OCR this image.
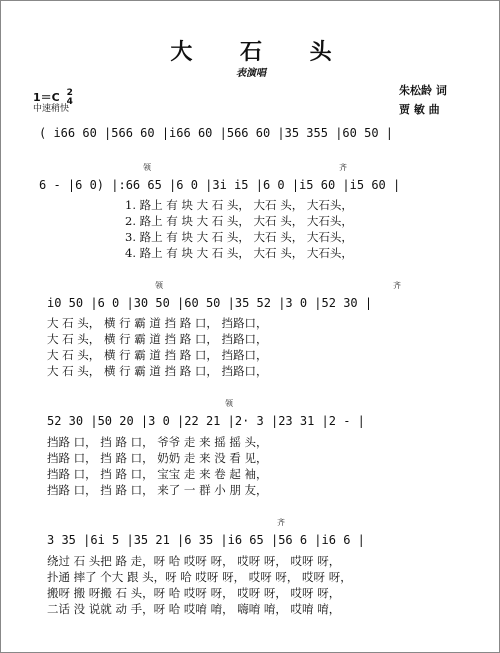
大 石 头
表演唱
1＝C 2
4
中速稍快
朱松龄 词
贾 敏 曲
( i66 60 |566 60 |i66 60 |566 60 |35 355 |60 50 |
领	齐
6 - |6 0) |:66 65 |6 0 |3i i5 |6 0 |i5 60 |i5 60 |
1. 路上 有 块 大 石 头， 大石 头， 大石头，
2. 路上 有 块 大 石 头， 大石 头， 大石头，
3. 路上 有 块 大 石 头， 大石 头， 大石头，
4. 路上 有 块 大 石 头， 大石 头， 大石头，
领	齐
i0 50 |6 0 |30 50 |60 50 |35 52 |3 0 |52 30 |
大 石 头， 横 行 霸 道 挡 路 口， 挡路口，
大 石 头， 横 行 霸 道 挡 路 口， 挡路口，
大 石 头， 横 行 霸 道 挡 路 口， 挡路口，
大 石 头， 横 行 霸 道 挡 路 口， 挡路口，
领
52 30 |50 20 |3 0 |22 21 |2· 3 |23 31 |2 - |
挡路 口， 挡 路 口， 爷爷 走 来 摇 摇 头，
挡路 口， 挡 路 口， 奶奶 走 来 没 看 见，
挡路 口， 挡 路 口， 宝宝 走 来 卷 起 袖，
挡路 口， 挡 路 口， 来了 一 群 小 朋 友，
齐
3 35 |6i 5 |35 21 |6 35 |i6 65 |56 6 |i6 6 |
绕过 石 头把 路 走，呀 哈 哎呀 呀， 哎呀 呀， 哎呀 呀，
扑通 摔了 个大 跟 头，呀 哈 哎呀 呀， 哎呀 呀， 哎呀 呀，
搬呀 搬 呀搬 石 头，呀 哈 哎呀 呀， 哎呀 呀， 哎呀 呀，
二话 没 说就 动 手，呀 哈 哎唷 唷， 嗨唷 唷， 哎唷 唷，
